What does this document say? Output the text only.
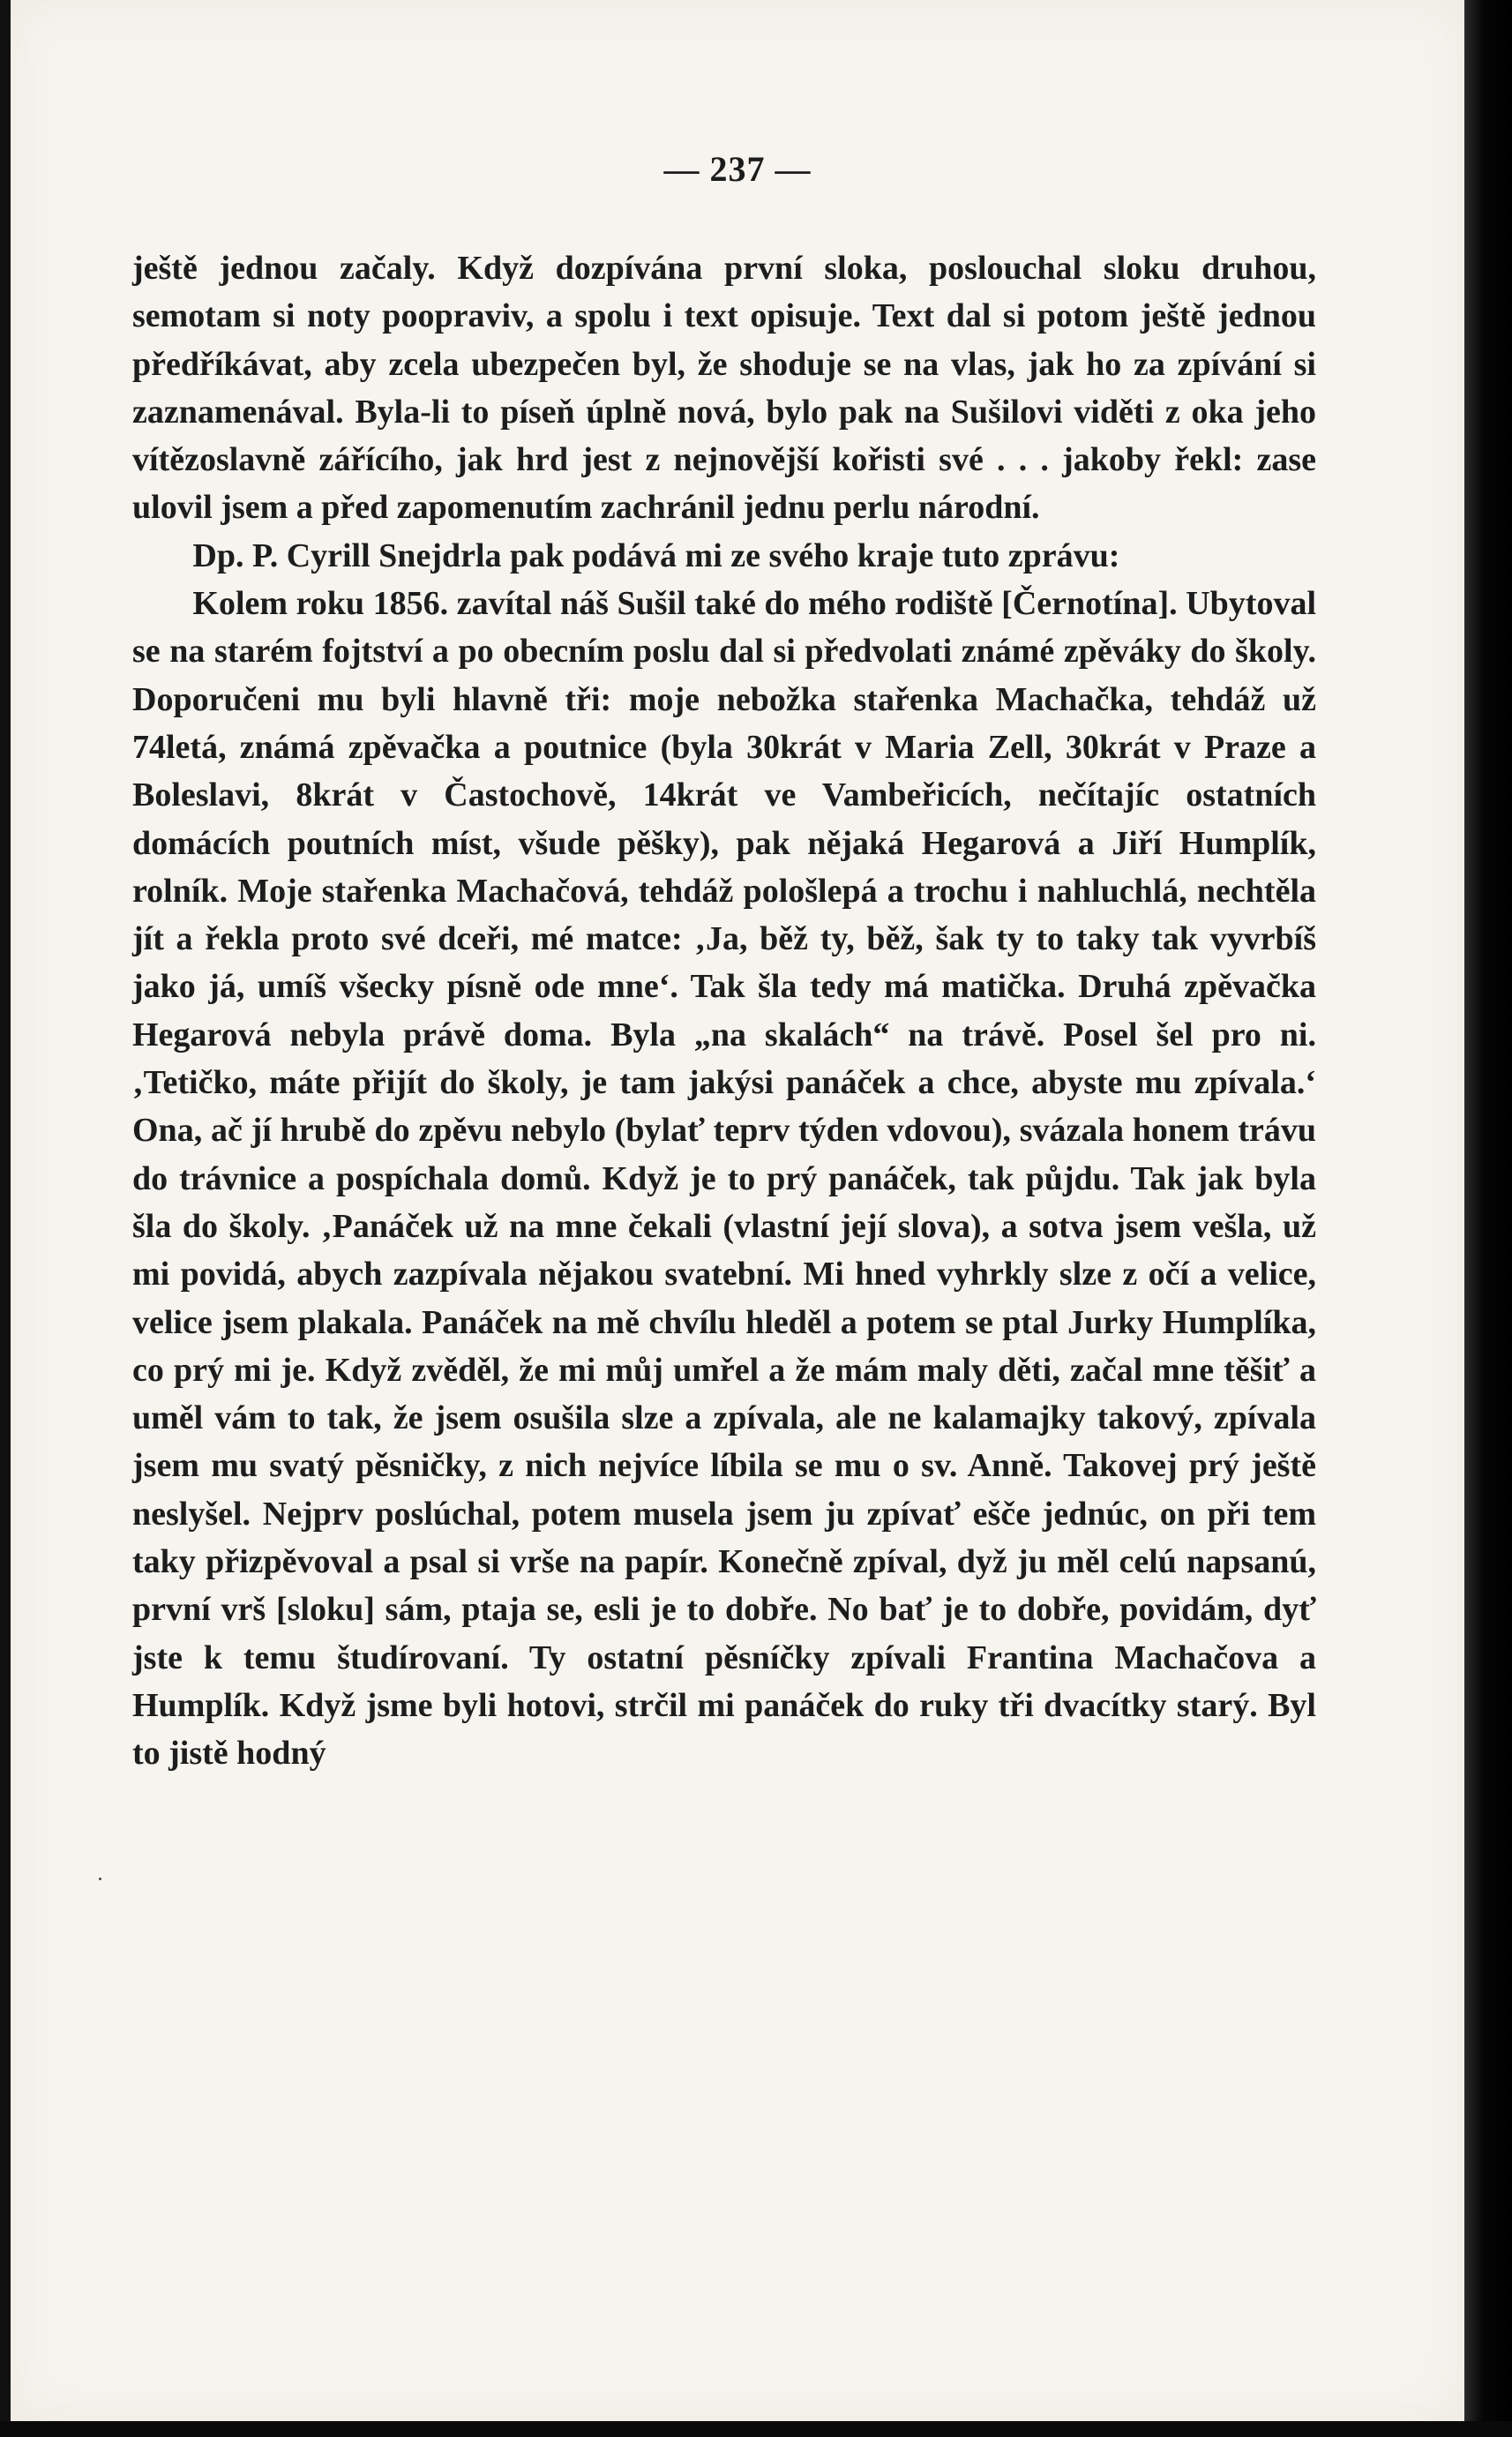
— 237 —

ještě jednou začaly. Když dozpívána první sloka, poslouchal sloku druhou, semotam si noty poopraviv, a spolu i text opisuje. Text dal si potom ještě jednou předříkávat, aby zcela ubezpečen byl, že shoduje se na vlas, jak ho za zpívání si zaznamenával. Byla-li to píseň úplně nová, bylo pak na Sušilovi viděti z oka jeho vítězoslavně zářícího, jak hrd jest z nejnovější kořisti své . . . jakoby řekl: zase ulovil jsem a před zapomenutím zachránil jednu perlu národní.

Dp. P. Cyrill Snejdrla pak podává mi ze svého kraje tuto zprávu:

Kolem roku 1856. zavítal náš Sušil také do mého rodiště [Černotína]. Ubytoval se na starém fojtství a po obecním poslu dal si předvolati známé zpěváky do školy. Doporučeni mu byli hlavně tři: moje nebožka stařenka Machačka, tehdáž už 74letá, známá zpěvačka a poutnice (byla 30krát v Maria Zell, 30krát v Praze a Boleslavi, 8krát v Častochově, 14krát ve Vambeřicích, nečítajíc ostatních domácích poutních míst, všude pěšky), pak nějaká Hegarová a Jiří Humplík, rolník. Moje stařenka Machačová, tehdáž pološlepá a trochu i nahluchlá, nechtěla jít a řekla proto své dceři, mé matce: ‚Ja, běž ty, běž, šak ty to taky tak vyvrbíš jako já, umíš všecky písně ode mne‘. Tak šla tedy má matička. Druhá zpěvačka Hegarová nebyla právě doma. Byla „na skalách“ na trávě. Posel šel pro ni. ‚Tetičko, máte přijít do školy, je tam jakýsi panáček a chce, abyste mu zpívala.‘ Ona, ač jí hrubě do zpěvu nebylo (bylať teprv týden vdovou), svázala honem trávu do trávnice a pospíchala domů. Když je to prý panáček, tak půjdu. Tak jak byla šla do školy. ‚Panáček už na mne čekali (vlastní její slova), a sotva jsem vešla, už mi povidá, abych zazpívala nějakou svatební. Mi hned vyhrkly slze z očí a velice, velice jsem plakala. Panáček na mě chvílu hleděl a potem se ptal Jurky Humplíka, co prý mi je. Když zvěděl, že mi můj umřel a že mám maly děti, začal mne těšiť a uměl vám to tak, že jsem osušila slze a zpívala, ale ne kalamajky takový, zpívala jsem mu svatý pěsničky, z nich nejvíce líbila se mu o sv. Anně. Takovej prý ještě neslyšel. Nejprv poslúchal, potem musela jsem ju zpívať ešče jednúc, on při tem taky přizpěvoval a psal si vrše na papír. Konečně zpíval, dyž ju měl celú napsanú, první vrš [sloku] sám, ptaja se, esli je to dobře. No bať je to dobře, povidám, dyť jste k temu študírovaní. Ty ostatní pěsníčky zpívali Frantina Machačova a Humplík. Když jsme byli hotovi, strčil mi panáček do ruky tři dvacítky starý. Byl to jistě hodný
